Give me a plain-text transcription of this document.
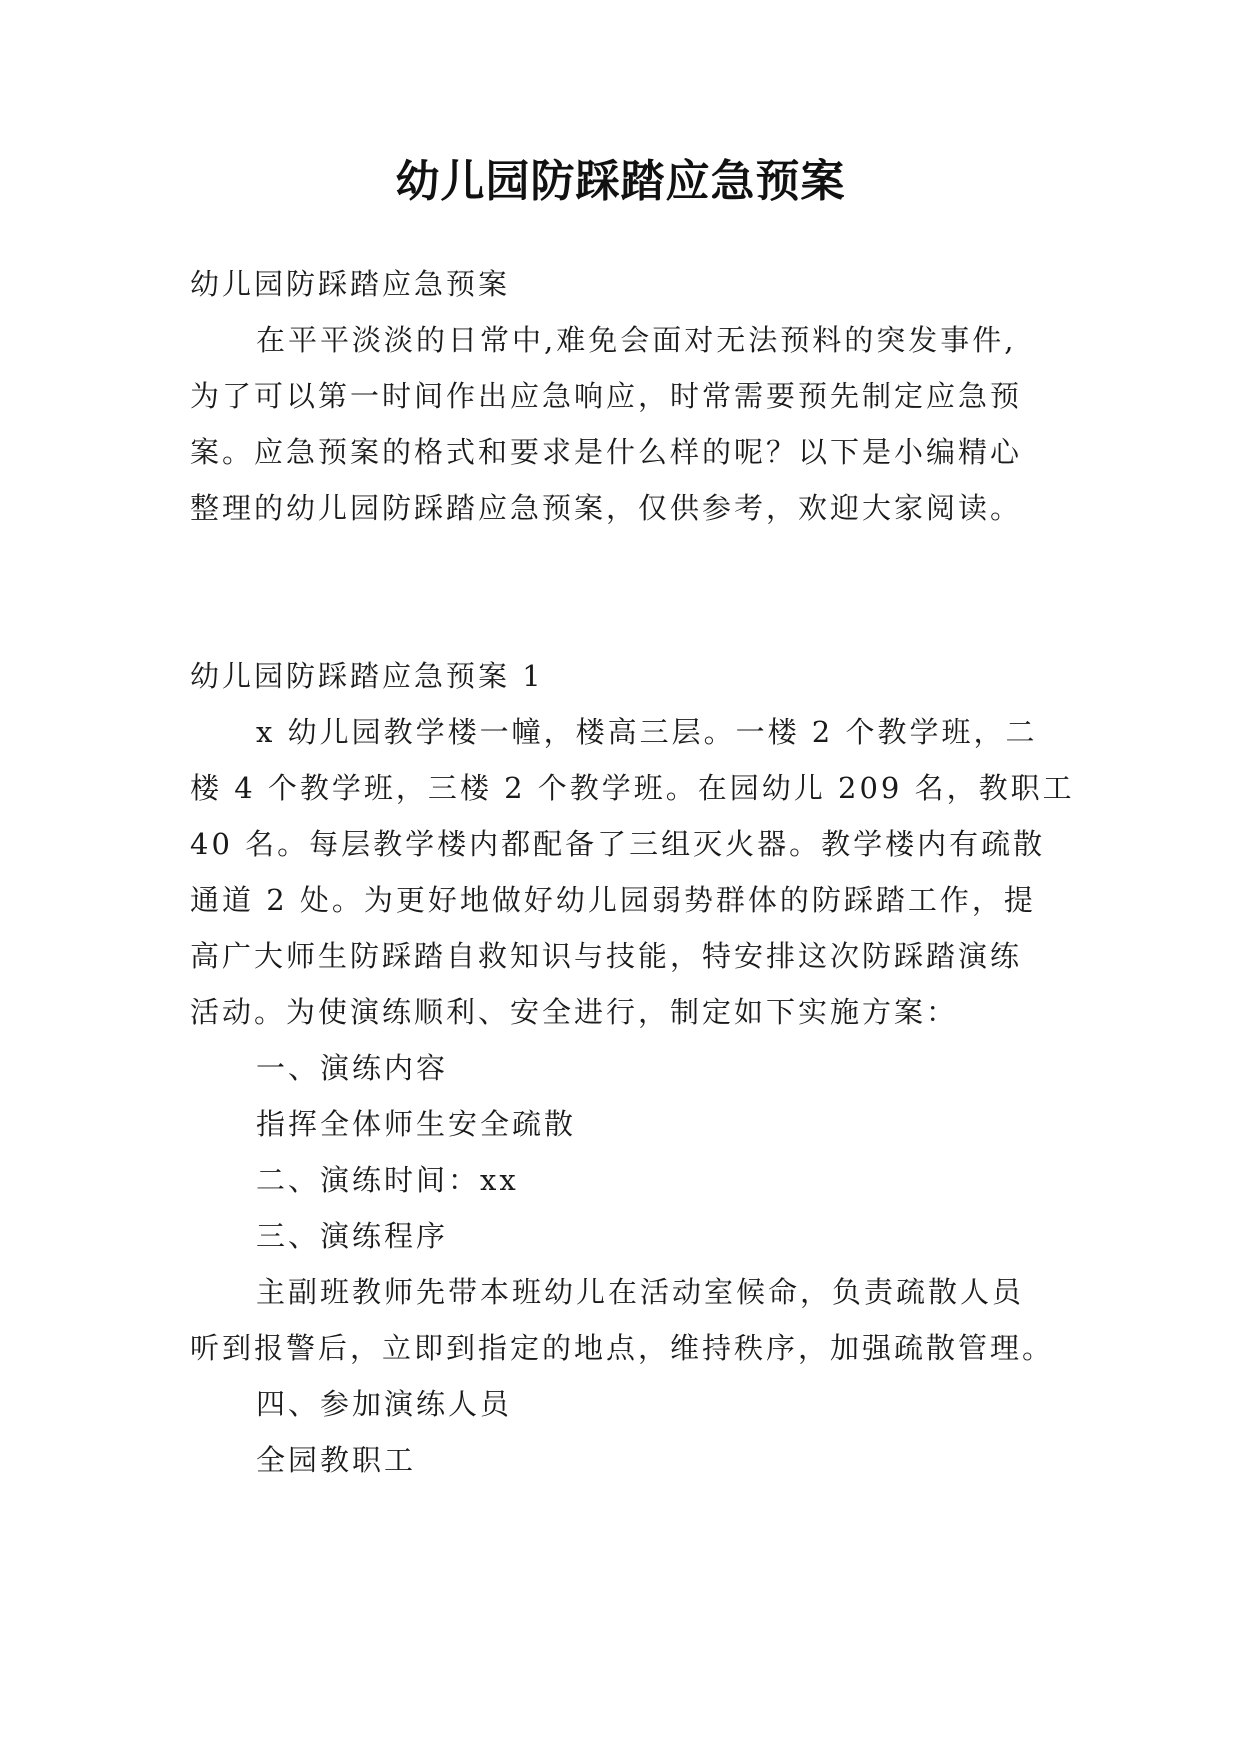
幼儿园防踩踏应急预案
幼儿园防踩踏应急预案
在平平淡淡的日常中,难免会面对无法预料的突发事件,
为了可以第一时间作出应急响应，时常需要预先制定应急预
案。应急预案的格式和要求是什么样的呢？以下是小编精心
整理的幼儿园防踩踏应急预案，仅供参考，欢迎大家阅读。
幼儿园防踩踏应急预案 1
x 幼儿园教学楼一幢，楼高三层。一楼 2 个教学班，二
楼 4 个教学班，三楼 2 个教学班。在园幼儿 209 名，教职工
40 名。每层教学楼内都配备了三组灭火器。教学楼内有疏散
通道 2 处。为更好地做好幼儿园弱势群体的防踩踏工作，提
高广大师生防踩踏自救知识与技能，特安排这次防踩踏演练
活动。为使演练顺利、安全进行，制定如下实施方案：
一、演练内容
指挥全体师生安全疏散
二、演练时间：xx
三、演练程序
主副班教师先带本班幼儿在活动室候命，负责疏散人员
听到报警后，立即到指定的地点，维持秩序，加强疏散管理。
四、参加演练人员
全园教职工
